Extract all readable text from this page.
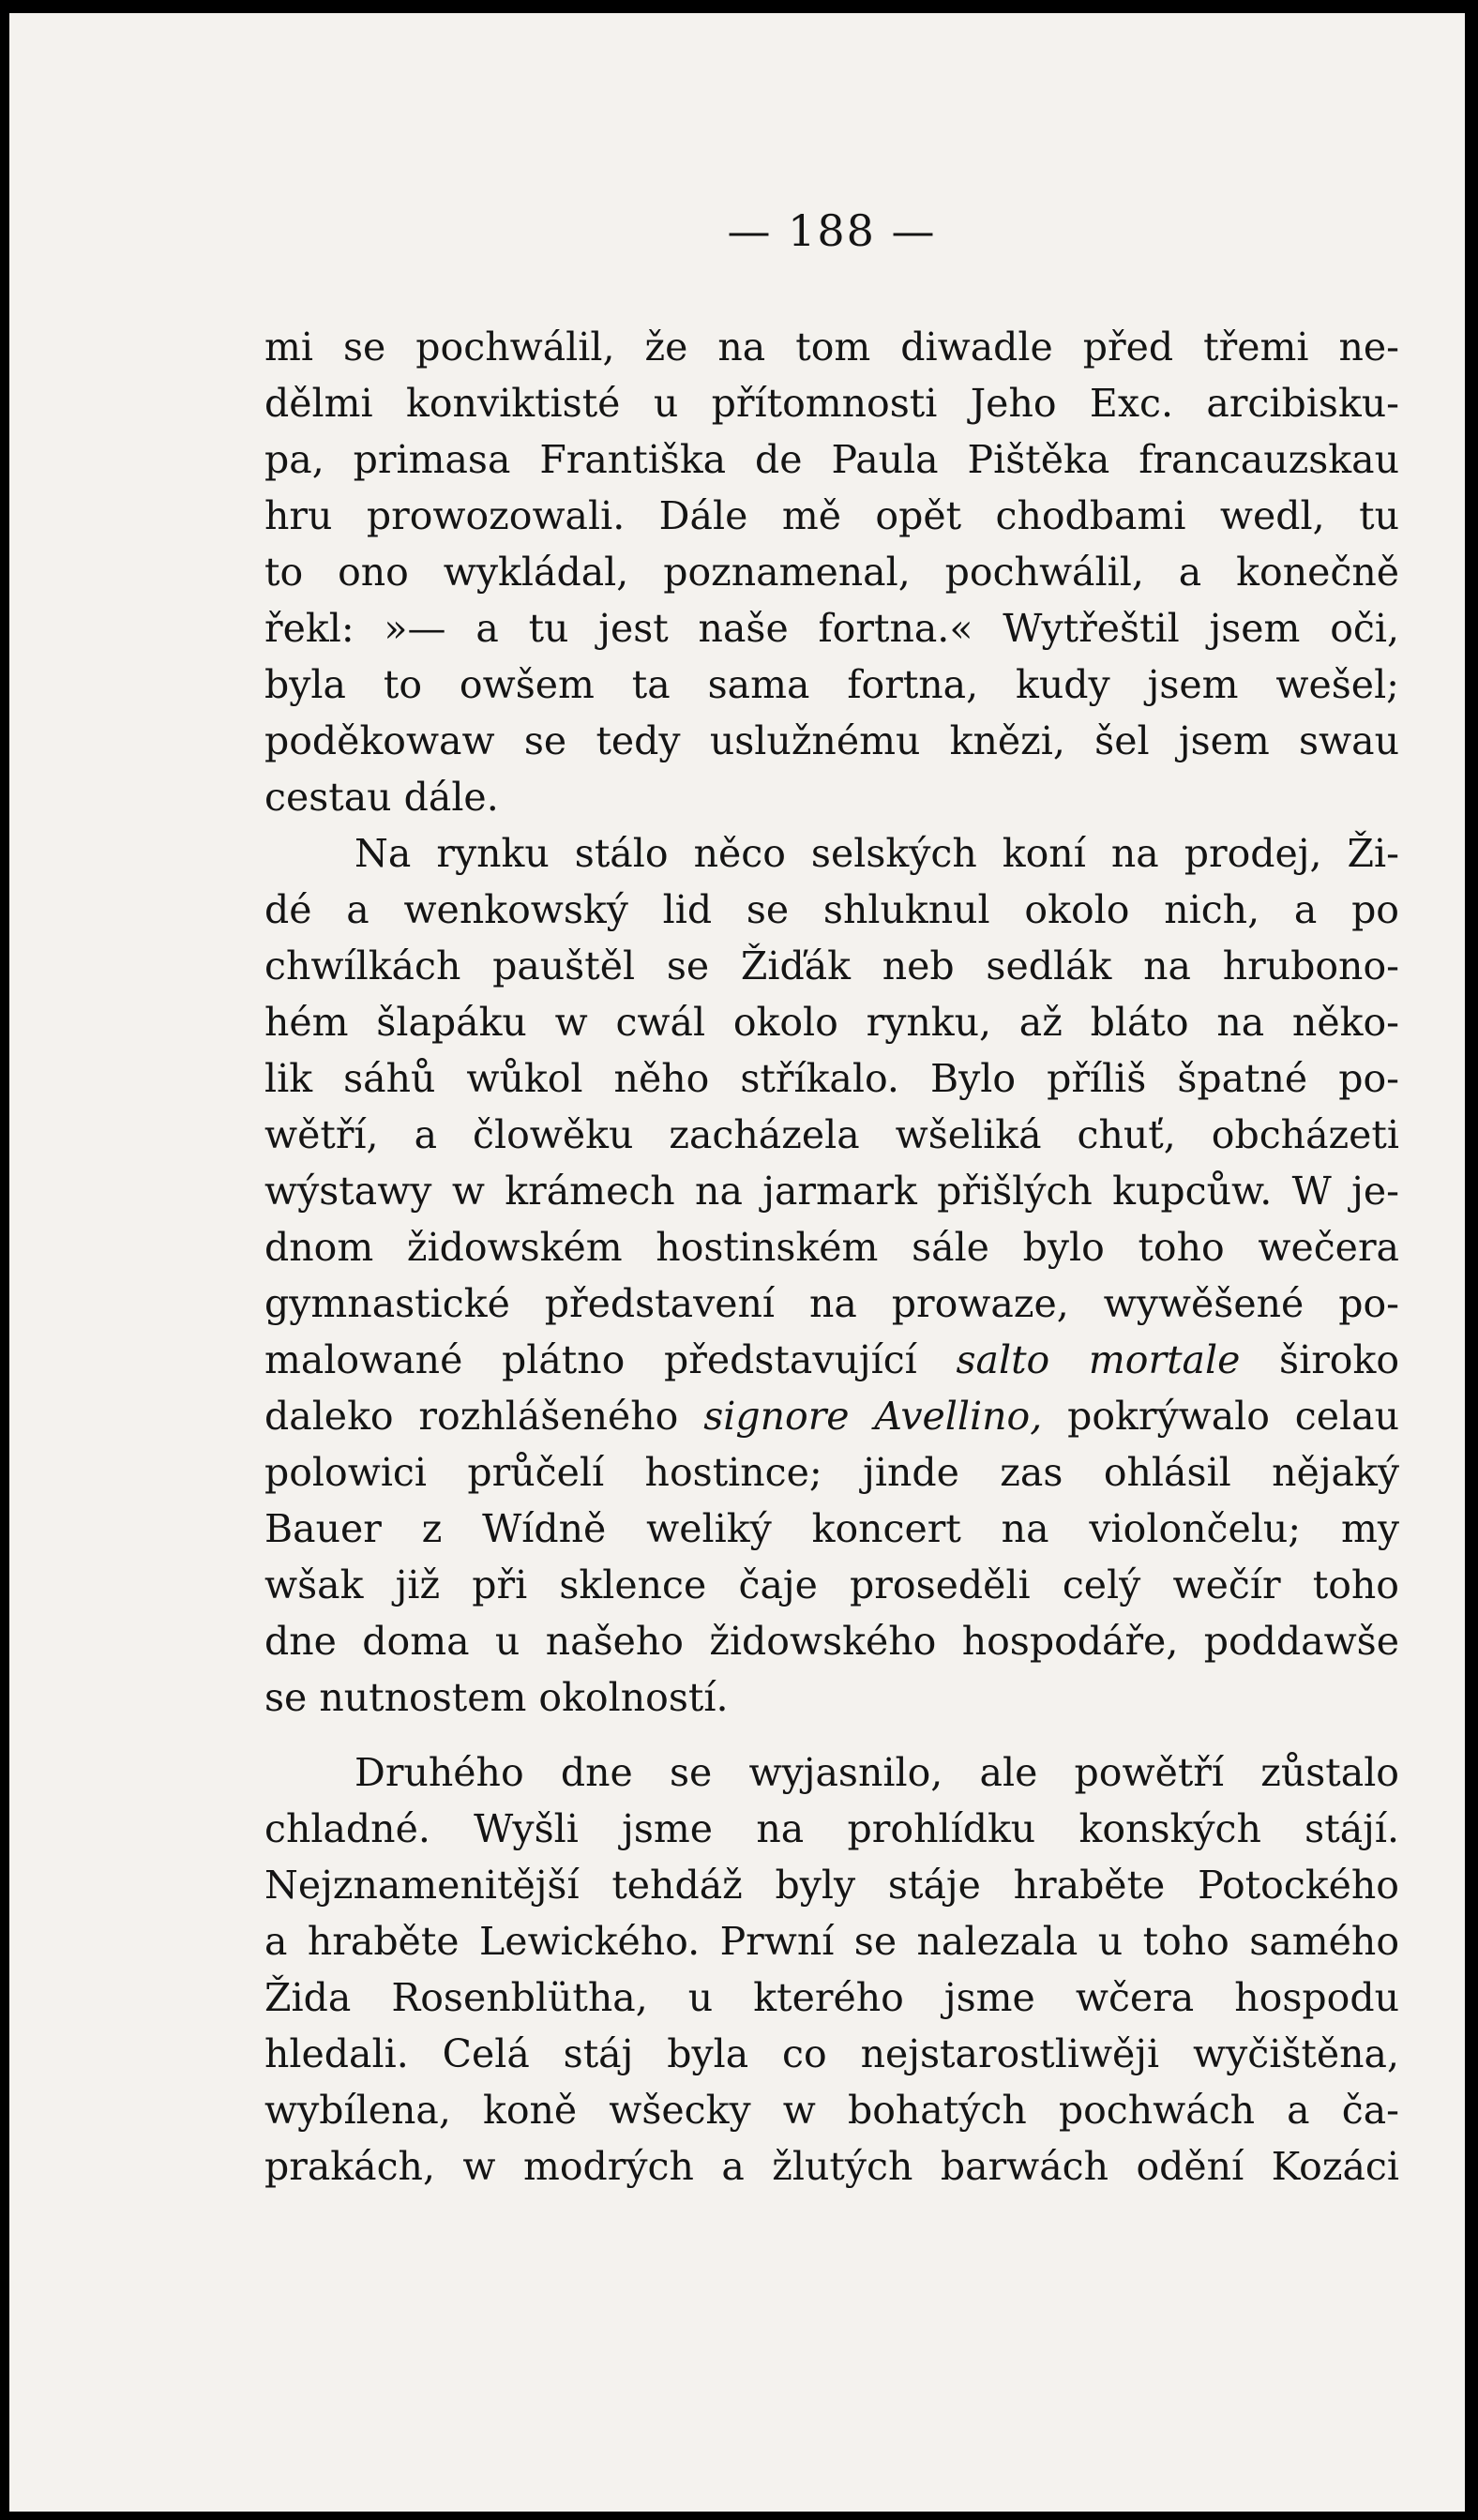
— 188 —
mi se pochwálil, že na tom diwadle před třemi ne-
dělmi konviktisté u přítomnosti Jeho Exc. arcibisku-
pa, primasa Františka de Paula Pištěka francauzskau
hru prowozowali. Dále mě opět chodbami wedl, tu
to ono wykládal, poznamenal, pochwálil, a konečně
řekl: »— a tu jest naše fortna.« Wytřeštil jsem oči,
byla to owšem ta sama fortna, kudy jsem wešel;
poděkowaw se tedy uslužnému knězi, šel jsem swau
cestau dále.
Na rynku stálo něco selských koní na prodej, Ži-
dé a wenkowský lid se shluknul okolo nich, a po
chwílkách pauštěl se Žiďák neb sedlák na hrubono-
hém šlapáku w cwál okolo rynku, až bláto na něko-
lik sáhů wůkol něho stříkalo. Bylo příliš špatné po-
wětří, a člowěku zacházela wšeliká chuť, obcházeti
wýstawy w krámech na jarmark přišlých kupcůw. W je-
dnom židowském hostinském sále bylo toho wečera
gymnastické představení na prowaze, wywěšené po-
malowané plátno představující salto mortale široko
daleko rozhlášeného signore Avellino, pokrýwalo celau
polowici průčelí hostince; jinde zas ohlásil nějaký
Bauer z Wídně weliký koncert na violončelu; my
wšak již při sklence čaje proseděli celý wečír toho
dne doma u našeho židowského hospodáře, poddawše
se nutnostem okolností.
Druhého dne se wyjasnilo, ale powětří zůstalo
chladné. Wyšli jsme na prohlídku konských stájí.
Nejznamenitější tehdáž byly stáje hraběte Potockého
a hraběte Lewického. Prwní se nalezala u toho samého
Žida Rosenblütha, u kterého jsme wčera hospodu
hledali. Celá stáj byla co nejstarostliwěji wyčištěna,
wybílena, koně wšecky w bohatých pochwách a ča-
prakách, w modrých a žlutých barwách odění Kozáci
